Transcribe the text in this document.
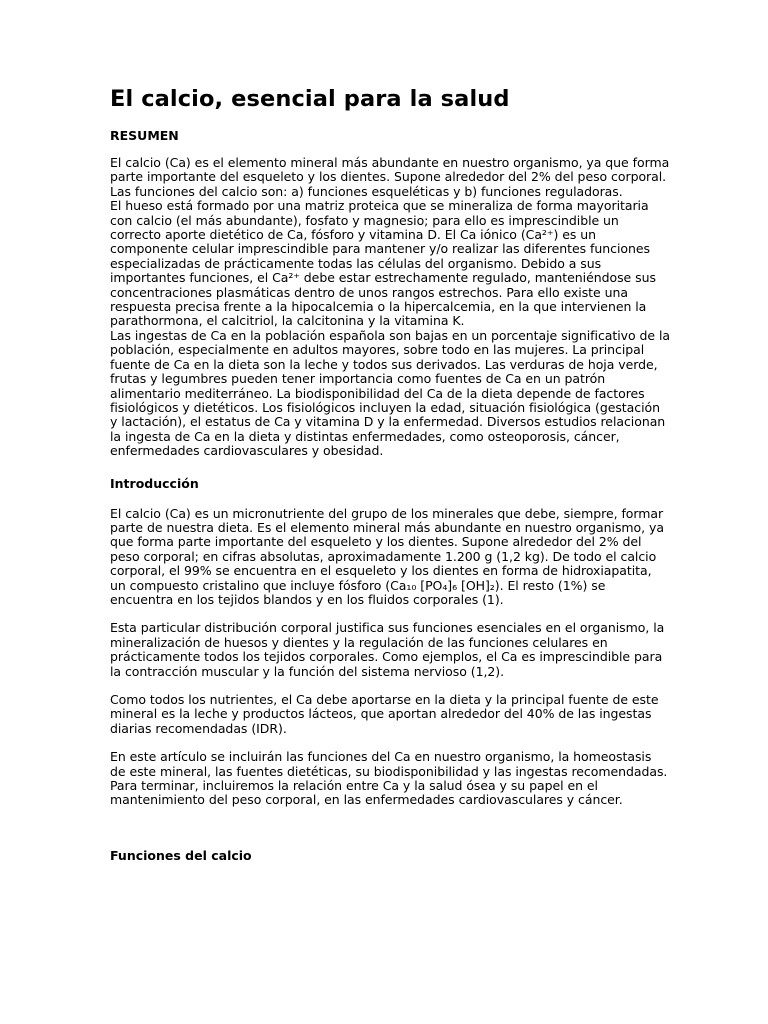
El calcio, esencial para la salud
RESUMEN
El calcio (Ca) es el elemento mineral más abundante en nuestro organismo, ya que forma parte importante del esqueleto y los dientes. Supone alrededor del 2% del peso corporal. Las funciones del calcio son: a) funciones esqueléticas y b) funciones reguladoras.
El hueso está formado por una matriz proteica que se mineraliza de forma mayoritaria con calcio (el más abundante), fosfato y magnesio; para ello es imprescindible un correcto aporte dietético de Ca, fósforo y vitamina D. El Ca iónico (Ca²⁺) es un componente celular imprescindible para mantener y/o realizar las diferentes funciones especializadas de prácticamente todas las células del organismo. Debido a sus importantes funciones, el Ca²⁺ debe estar estrechamente regulado, manteniéndose sus concentraciones plasmáticas dentro de unos rangos estrechos. Para ello existe una respuesta precisa frente a la hipocalcemia o la hipercalcemia, en la que intervienen la parathormona, el calcitriol, la calcitonina y la vitamina K.
Las ingestas de Ca en la población española son bajas en un porcentaje significativo de la población, especialmente en adultos mayores, sobre todo en las mujeres. La principal fuente de Ca en la dieta son la leche y todos sus derivados. Las verduras de hoja verde, frutas y legumbres pueden tener importancia como fuentes de Ca en un patrón alimentario mediterráneo. La biodisponibilidad del Ca de la dieta depende de factores fisiológicos y dietéticos. Los fisiológicos incluyen la edad, situación fisiológica (gestación y lactación), el estatus de Ca y vitamina D y la enfermedad. Diversos estudios relacionan la ingesta de Ca en la dieta y distintas enfermedades, como osteoporosis, cáncer, enfermedades cardiovasculares y obesidad.
Introducción
El calcio (Ca) es un micronutriente del grupo de los minerales que debe, siempre, formar parte de nuestra dieta. Es el elemento mineral más abundante en nuestro organismo, ya que forma parte importante del esqueleto y los dientes. Supone alrededor del 2% del peso corporal; en cifras absolutas, aproximadamente 1.200 g (1,2 kg). De todo el calcio corporal, el 99% se encuentra en el esqueleto y los dientes en forma de hidroxiapatita, un compuesto cristalino que incluye fósforo (Ca₁₀ [PO₄]₆ [OH]₂). El resto (1%) se encuentra en los tejidos blandos y en los fluidos corporales (1).
Esta particular distribución corporal justifica sus funciones esenciales en el organismo, la mineralización de huesos y dientes y la regulación de las funciones celulares en prácticamente todos los tejidos corporales. Como ejemplos, el Ca es imprescindible para la contracción muscular y la función del sistema nervioso (1,2).
Como todos los nutrientes, el Ca debe aportarse en la dieta y la principal fuente de este mineral es la leche y productos lácteos, que aportan alrededor del 40% de las ingestas diarias recomendadas (IDR).
En este artículo se incluirán las funciones del Ca en nuestro organismo, la homeostasis de este mineral, las fuentes dietéticas, su biodisponibilidad y las ingestas recomendadas. Para terminar, incluiremos la relación entre Ca y la salud ósea y su papel en el mantenimiento del peso corporal, en las enfermedades cardiovasculares y cáncer.
Funciones del calcio
